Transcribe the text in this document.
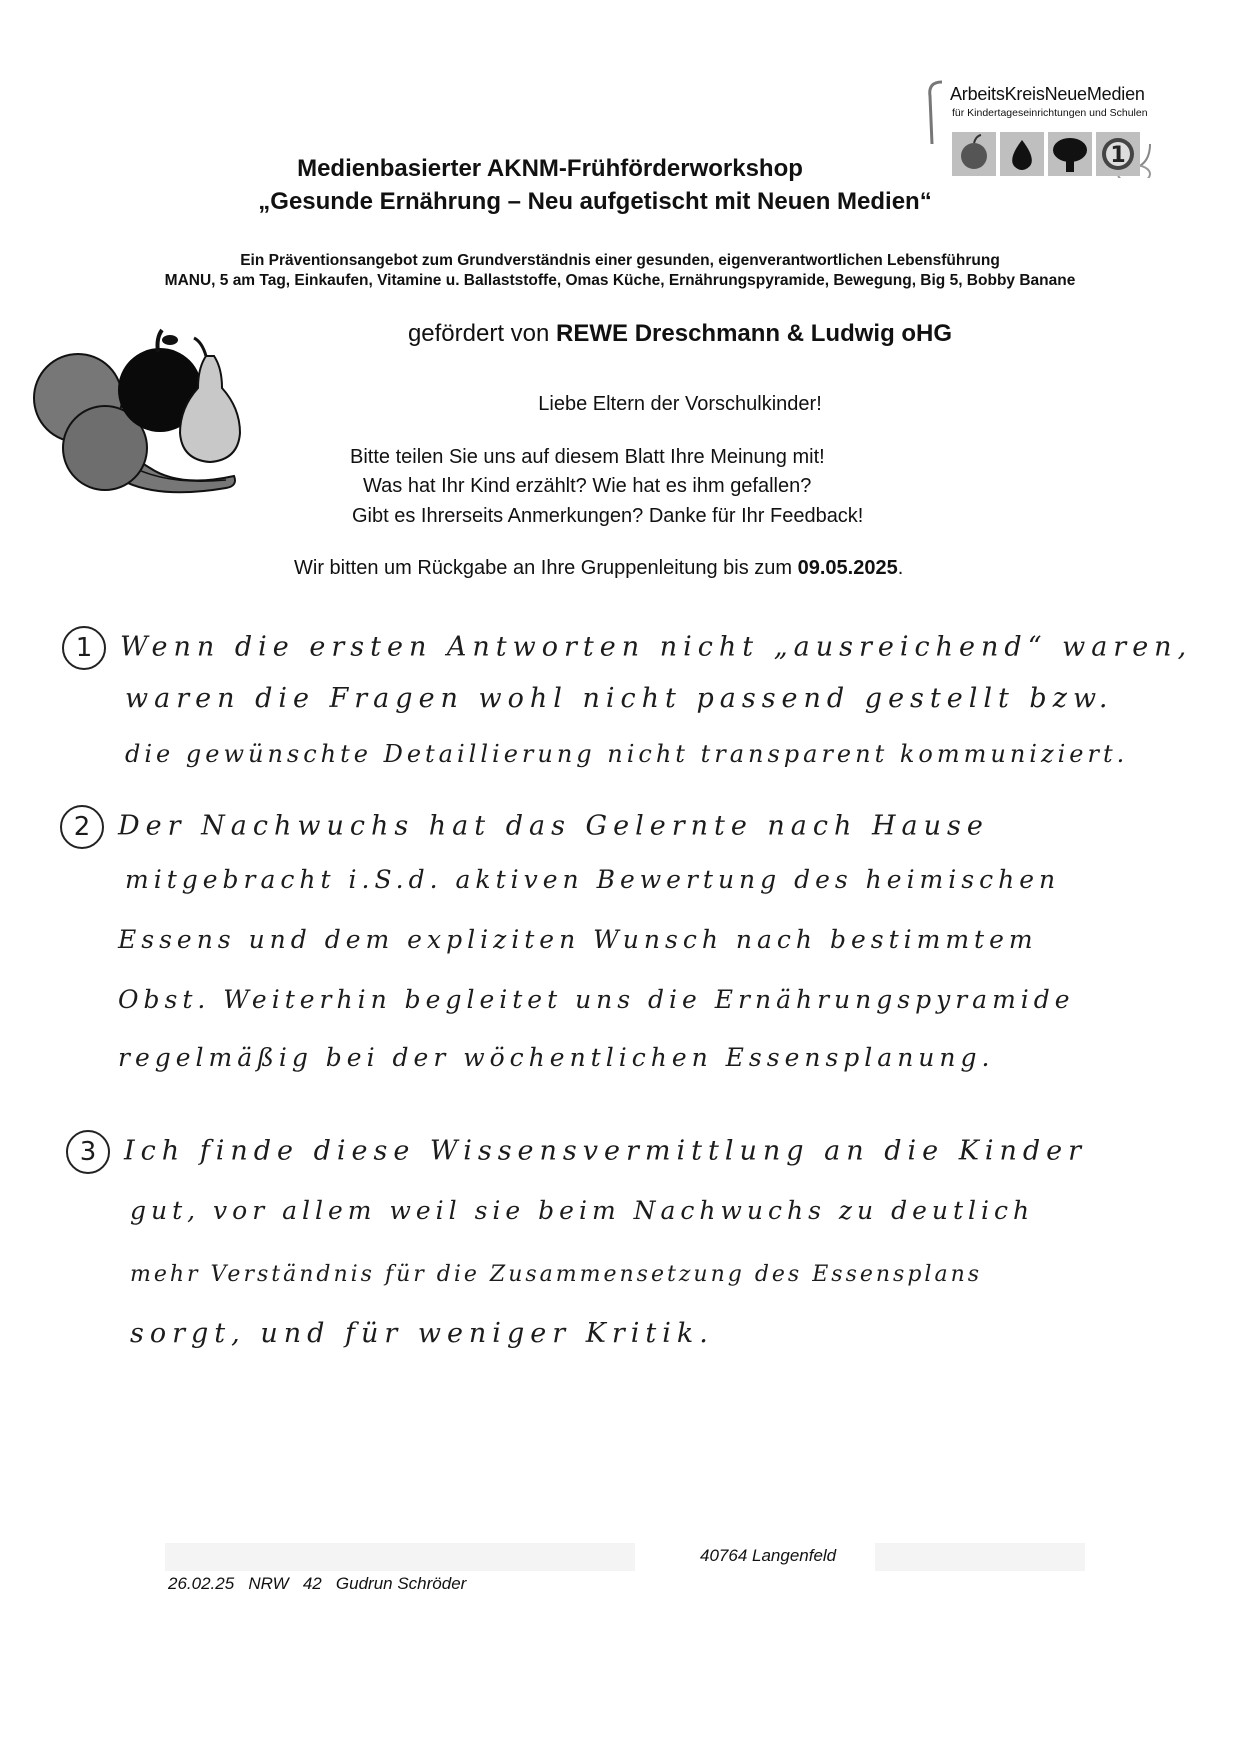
ArbeitsKreisNeueMedien
für Kindertageseinrichtungen und Schulen
1
Medienbasierter AKNM-Frühförderworkshop
„Gesunde Ernährung – Neu aufgetischt mit Neuen Medien“
Ein Präventionsangebot zum Grundverständnis einer gesunden, eigenverantwortlichen Lebensführung
MANU, 5 am Tag, Einkaufen, Vitamine u. Ballaststoffe, Omas Küche, Ernährungspyramide, Bewegung, Big 5, Bobby Banane
gefördert von REWE Dreschmann & Ludwig oHG
Liebe Eltern der Vorschulkinder!
Bitte teilen Sie uns auf diesem Blatt Ihre Meinung mit!
Was hat Ihr Kind erzählt? Wie hat es ihm gefallen?
Gibt es Ihrerseits Anmerkungen? Danke für Ihr Feedback!
Wir bitten um Rückgabe an Ihre Gruppenleitung bis zum 09.05.2025.
1 Wenn die ersten Antworten nicht „ausreichend“ waren,
waren die Fragen wohl nicht passend gestellt bzw.
die gewünschte Detaillierung nicht transparent kommuniziert.
2 Der Nachwuchs hat das Gelernte nach Hause
mitgebracht i.S.d. aktiven Bewertung des heimischen
Essens und dem expliziten Wunsch nach bestimmtem
Obst. Weiterhin begleitet uns die Ernährungspyramide
regelmäßig bei der wöchentlichen Essensplanung.
3 Ich finde diese Wissensvermittlung an die Kinder
gut, vor allem weil sie beim Nachwuchs zu deutlich
mehr Verständnis für die Zusammensetzung des Essensplans
sorgt, und für weniger Kritik.
40764 Langenfeld
26.02.25 NRW 42 Gudrun Schröder
